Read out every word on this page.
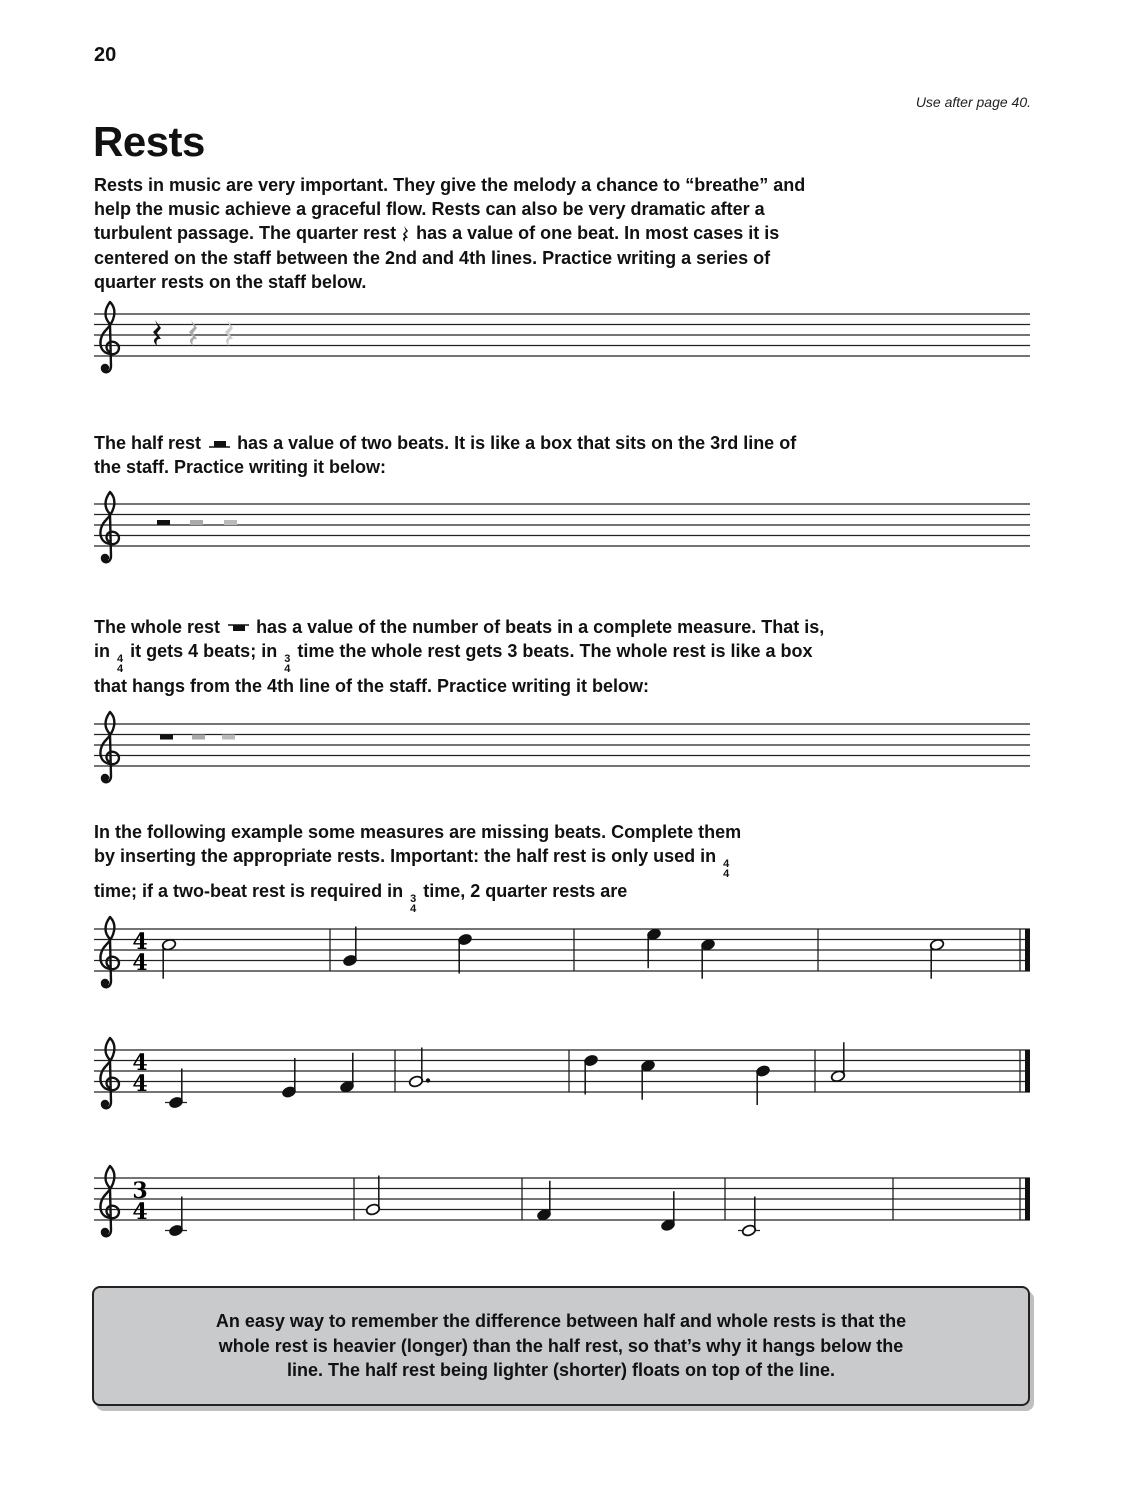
20
Use after page 40.
Rests

Rests in music are very important. They give the melody a chance to “breathe” and help the music achieve a graceful flow. Rests can also be very dramatic after a turbulent passage. The quarter rest has a value of one beat. In most cases it is centered on the staff between the 2nd and 4th lines. Practice writing a series of quarter rests on the staff below.

The half rest has a value of two beats. It is like a box that sits on the 3rd line of the staff. Practice writing it below:

The whole rest has a value of the number of beats in a complete measure. That is, in 4
4
it gets 4 beats; in 3
4
time the whole rest gets 3 beats. The whole rest is like a box that hangs from the 4th line of the staff. Practice writing it below:

In the following example some measures are missing beats. Complete them by inserting the appropriate rests. Important: the half rest is only used in 4
4
time; if a two-beat rest is required in 3
4
time, 2 quarter rests are

4
4
4
4
3
4

An easy way to remember the difference between half and whole rests is that the whole rest is heavier (longer) than the half rest, so that’s why it hangs below the line. The half rest being lighter (shorter) floats on top of the line.
